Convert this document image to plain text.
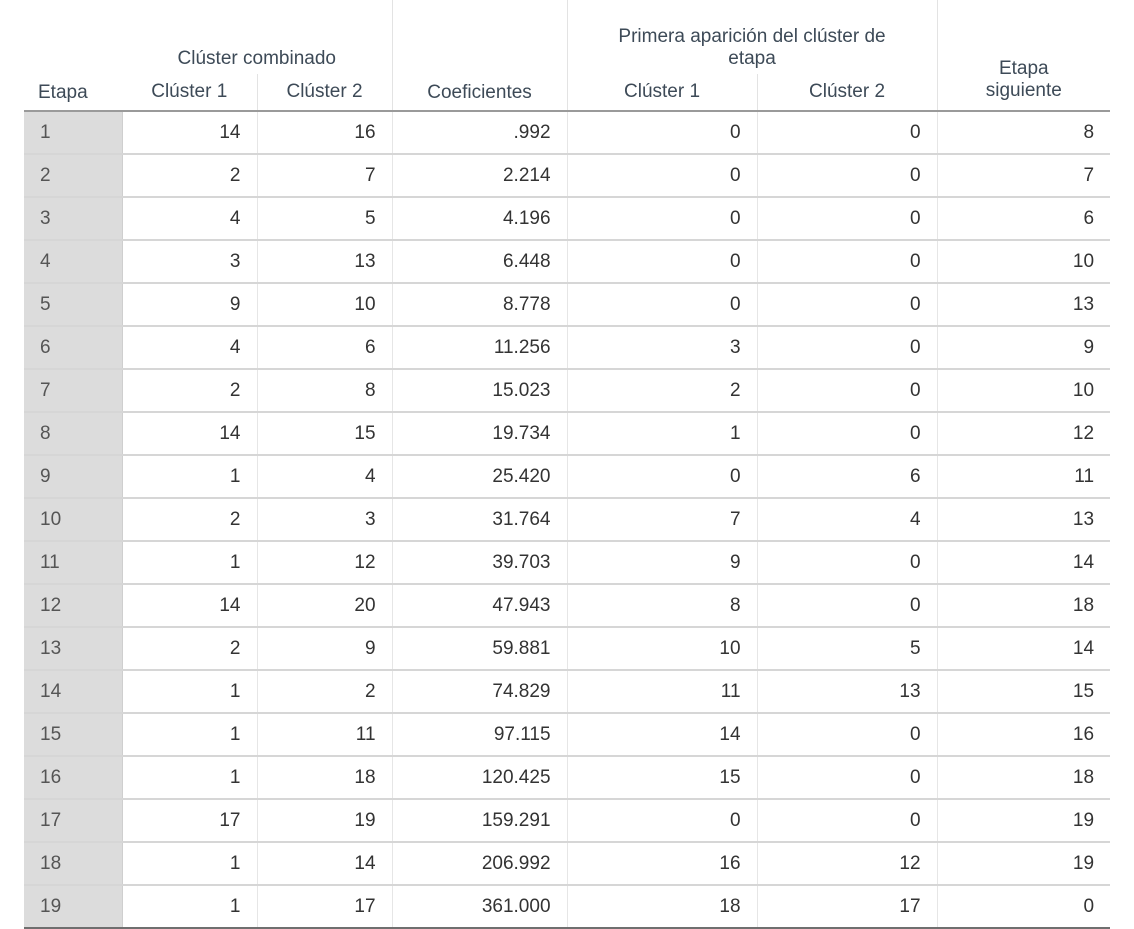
Etapa	Clúster combinado		Coeficientes	Primera aparición del clúster de etapa		Etapa siguiente
	Clúster 1	Clúster 2		Clúster 1	Clúster 2	
1	14	16	.992	0	0	8
2	2	7	2.214	0	0	7
3	4	5	4.196	0	0	6
4	3	13	6.448	0	0	10
5	9	10	8.778	0	0	13
6	4	6	11.256	3	0	9
7	2	8	15.023	2	0	10
8	14	15	19.734	1	0	12
9	1	4	25.420	0	6	11
10	2	3	31.764	7	4	13
11	1	12	39.703	9	0	14
12	14	20	47.943	8	0	18
13	2	9	59.881	10	5	14
14	1	2	74.829	11	13	15
15	1	11	97.115	14	0	16
16	1	18	120.425	15	0	18
17	17	19	159.291	0	0	19
18	1	14	206.992	16	12	19
19	1	17	361.000	18	17	0
